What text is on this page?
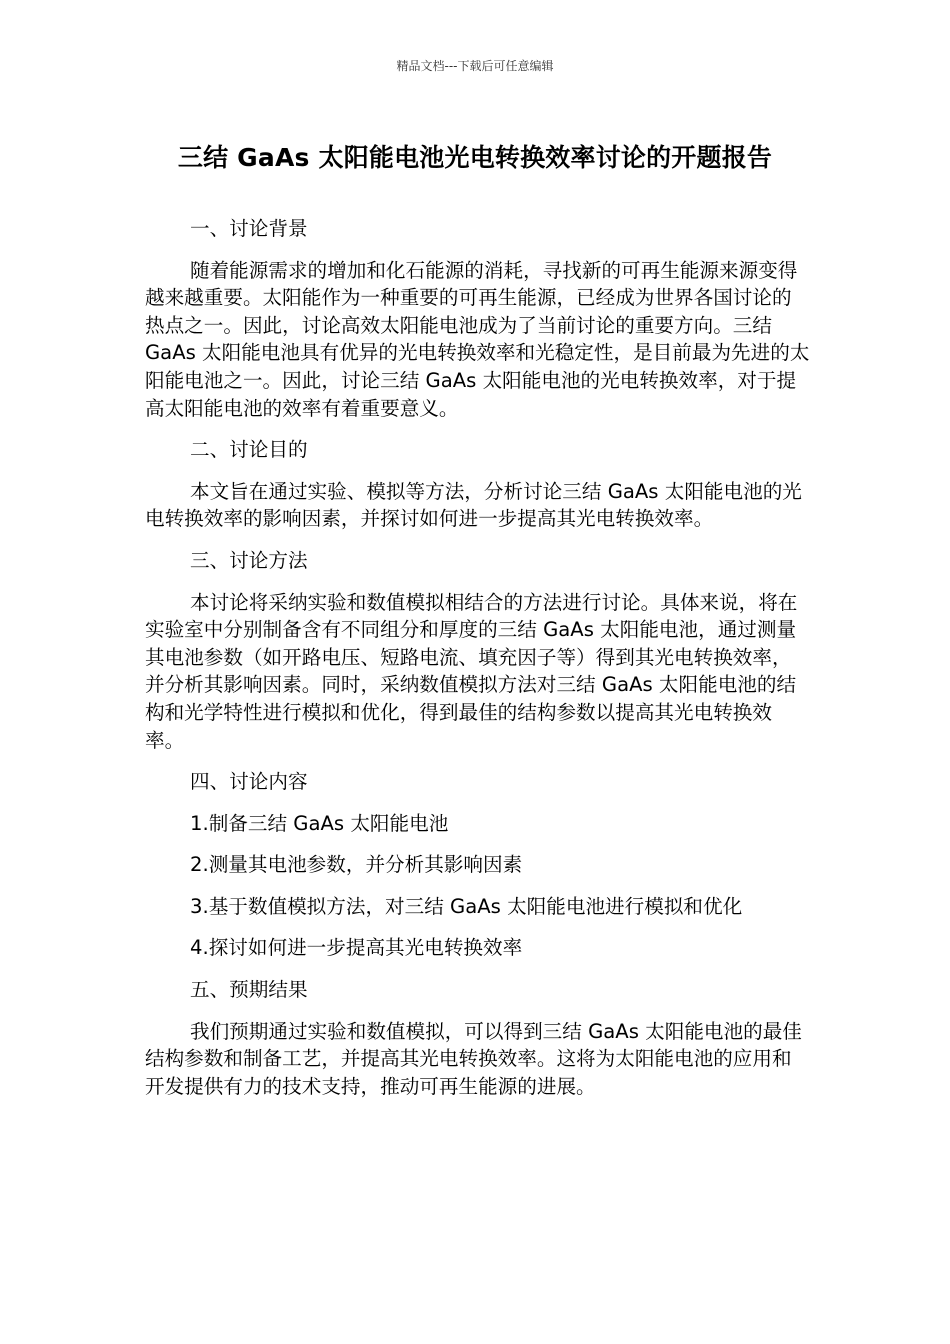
精品文档---下载后可任意编辑
三结 GaAs 太阳能电池光电转换效率讨论的开题报告

一、讨论背景

随着能源需求的增加和化石能源的消耗，寻找新的可再生能源来源变得越来越重要。太阳能作为一种重要的可再生能源，已经成为世界各国讨论的热点之一。因此，讨论高效太阳能电池成为了当前讨论的重要方向。三结 GaAs 太阳能电池具有优异的光电转换效率和光稳定性，是目前最为先进的太阳能电池之一。因此，讨论三结 GaAs 太阳能电池的光电转换效率，对于提高太阳能电池的效率有着重要意义。

二、讨论目的

本文旨在通过实验、模拟等方法，分析讨论三结 GaAs 太阳能电池的光电转换效率的影响因素，并探讨如何进一步提高其光电转换效率。

三、讨论方法

本讨论将采纳实验和数值模拟相结合的方法进行讨论。具体来说，将在实验室中分别制备含有不同组分和厚度的三结 GaAs 太阳能电池，通过测量其电池参数（如开路电压、短路电流、填充因子等）得到其光电转换效率，并分析其影响因素。同时，采纳数值模拟方法对三结 GaAs 太阳能电池的结构和光学特性进行模拟和优化，得到最佳的结构参数以提高其光电转换效率。

四、讨论内容

1.制备三结 GaAs 太阳能电池

2.测量其电池参数，并分析其影响因素

3.基于数值模拟方法，对三结 GaAs 太阳能电池进行模拟和优化

4.探讨如何进一步提高其光电转换效率

五、预期结果

我们预期通过实验和数值模拟，可以得到三结 GaAs 太阳能电池的最佳结构参数和制备工艺，并提高其光电转换效率。这将为太阳能电池的应用和开发提供有力的技术支持，推动可再生能源的进展。
